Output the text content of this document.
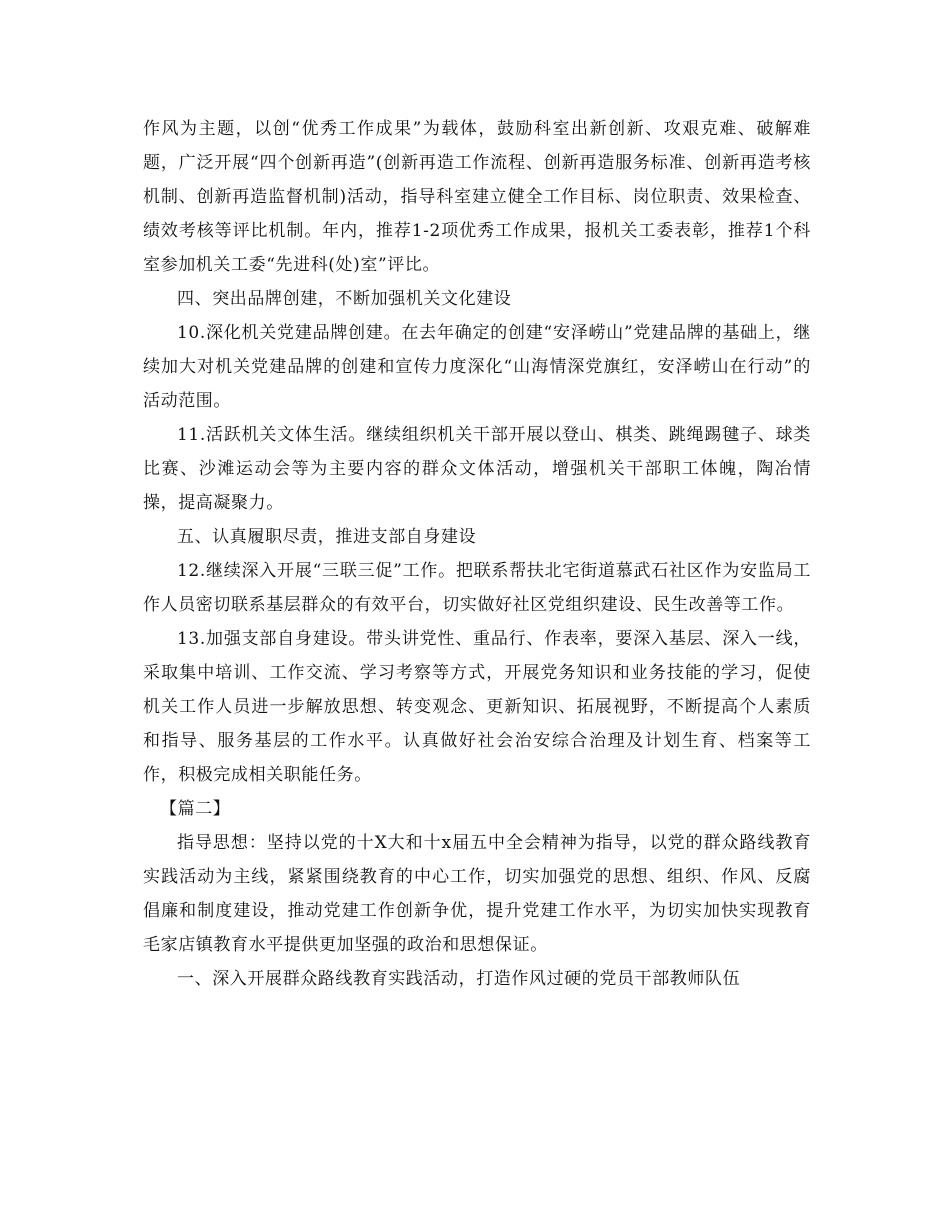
作风为主题，以创“优秀工作成果”为载体，鼓励科室出新创新、攻艰克难、破解难题，广泛开展“四个创新再造”(创新再造工作流程、创新再造服务标准、创新再造考核机制、创新再造监督机制)活动，指导科室建立健全工作目标、岗位职责、效果检查、绩效考核等评比机制。年内，推荐1-2项优秀工作成果，报机关工委表彰，推荐1个科室参加机关工委“先进科(处)室”评比。

四、突出品牌创建，不断加强机关文化建设

10.深化机关党建品牌创建。在去年确定的创建“安泽崂山”党建品牌的基础上，继续加大对机关党建品牌的创建和宣传力度深化“山海情深党旗红，安泽崂山在行动”的活动范围。

11.活跃机关文体生活。继续组织机关干部开展以登山、棋类、跳绳踢毽子、球类比赛、沙滩运动会等为主要内容的群众文体活动，增强机关干部职工体魄，陶冶情操，提高凝聚力。

五、认真履职尽责，推进支部自身建设

12.继续深入开展“三联三促”工作。把联系帮扶北宅街道慕武石社区作为安监局工作人员密切联系基层群众的有效平台，切实做好社区党组织建设、民生改善等工作。

13.加强支部自身建设。带头讲党性、重品行、作表率，要深入基层、深入一线，采取集中培训、工作交流、学习考察等方式，开展党务知识和业务技能的学习，促使机关工作人员进一步解放思想、转变观念、更新知识、拓展视野，不断提高个人素质和指导、服务基层的工作水平。认真做好社会治安综合治理及计划生育、档案等工作，积极完成相关职能任务。

【篇二】

指导思想：坚持以党的十X大和十x届五中全会精神为指导，以党的群众路线教育实践活动为主线，紧紧围绕教育的中心工作，切实加强党的思想、组织、作风、反腐倡廉和制度建设，推动党建工作创新争优，提升党建工作水平，为切实加快实现教育毛家店镇教育水平提供更加坚强的政治和思想保证。

一、深入开展群众路线教育实践活动，打造作风过硬的党员干部教师队伍
